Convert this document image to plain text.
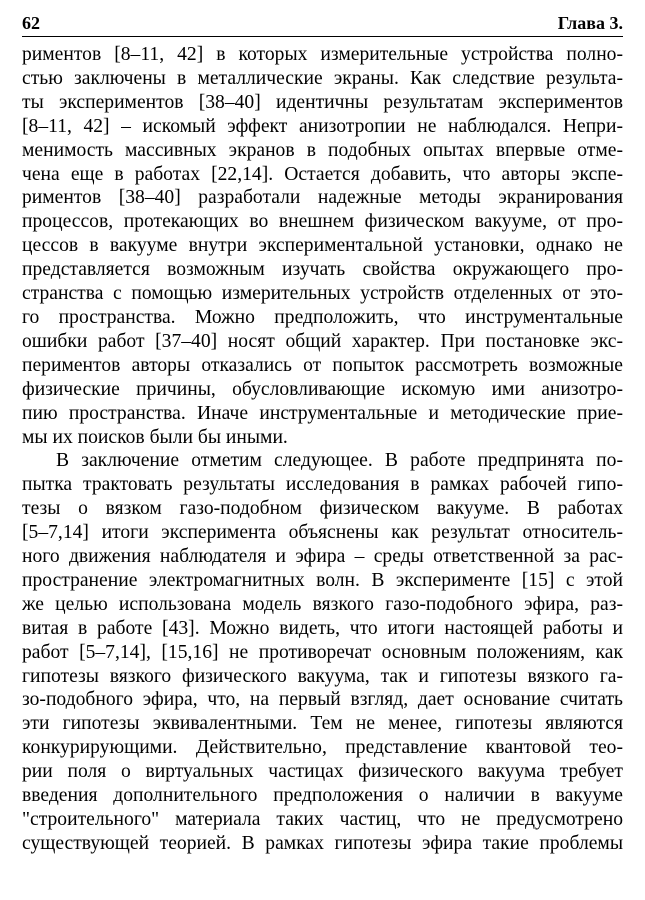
62	Глава 3.

риментов [8–11, 42] в которых измерительные устройства полно-

стью заключены в металлические экраны. Как следствие результа-

ты экспериментов [38–40] идентичны результатам экспериментов

[8–11, 42] – искомый эффект анизотропии не наблюдался. Непри-

менимость массивных экранов в подобных опытах впервые отме-

чена еще в работах [22,14]. Остается добавить, что авторы экспе-

риментов [38–40] разработали надежные методы экранирования

процессов, протекающих во внешнем физическом вакууме, от про-

цессов в вакууме внутри экспериментальной установки, однако не

представляется возможным изучать свойства окружающего про-

странства с помощью измерительных устройств отделенных от это-

го пространства. Можно предположить, что инструментальные

ошибки работ [37–40] носят общий характер. При постановке экс-

периментов авторы отказались от попыток рассмотреть возможные

физические причины, обусловливающие искомую ими анизотро-

пию пространства. Иначе инструментальные и методические прие-

мы их поисков были бы иными.

В заключение отметим следующее. В работе предпринята по-

пытка трактовать результаты исследования в рамках рабочей гипо-

тезы о вязком газо-подобном физическом вакууме. В работах

[5–7,14] итоги эксперимента объяснены как результат относитель-

ного движения наблюдателя и эфира – среды ответственной за рас-

пространение электромагнитных волн. В эксперименте [15] с этой

же целью использована модель вязкого газо-подобного эфира, раз-

витая в работе [43]. Можно видеть, что итоги настоящей работы и

работ [5–7,14], [15,16] не противоречат основным положениям, как

гипотезы вязкого физического вакуума, так и гипотезы вязкого га-

зо-подобного эфира, что, на первый взгляд, дает основание считать

эти гипотезы эквивалентными. Тем не менее, гипотезы являются

конкурирующими. Действительно, представление квантовой тео-

рии поля о виртуальных частицах физического вакуума требует

введения дополнительного предположения о наличии в вакууме

"строительного" материала таких частиц, что не предусмотрено

существующей теорией. В рамках гипотезы эфира такие проблемы
